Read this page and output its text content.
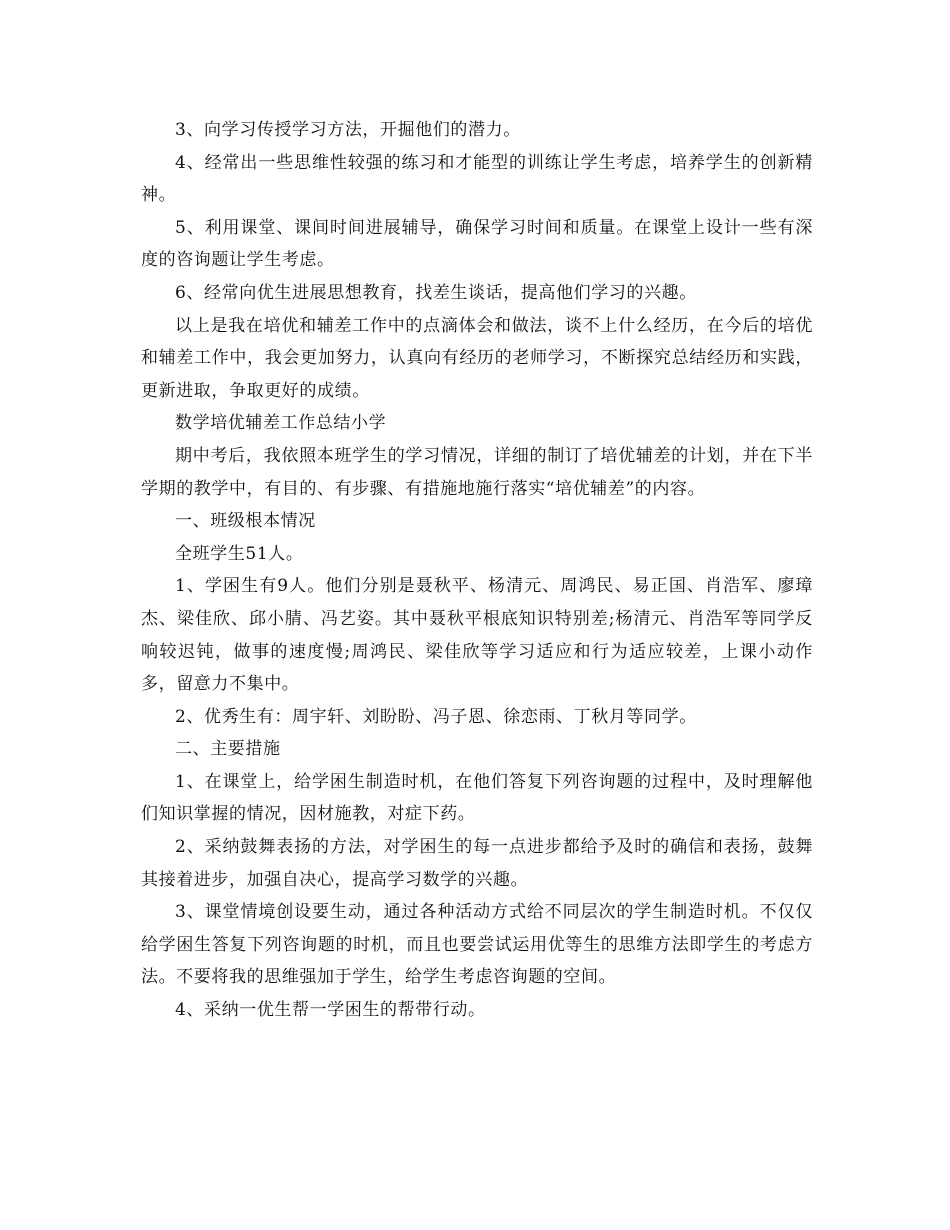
3、向学习传授学习方法，开掘他们的潜力。

4、经常出一些思维性较强的练习和才能型的训练让学生考虑，培养学生的创新精神。

5、利用课堂、课间时间进展辅导，确保学习时间和质量。在课堂上设计一些有深度的咨询题让学生考虑。

6、经常向优生进展思想教育，找差生谈话，提高他们学习的兴趣。

以上是我在培优和辅差工作中的点滴体会和做法，谈不上什么经历，在今后的培优和辅差工作中，我会更加努力，认真向有经历的老师学习，不断探究总结经历和实践，更新进取，争取更好的成绩。

数学培优辅差工作总结小学

期中考后，我依照本班学生的学习情况，详细的制订了培优辅差的计划，并在下半学期的教学中，有目的、有步骤、有措施地施行落实“培优辅差”的内容。

一、班级根本情况

全班学生51人。

1、学困生有9人。他们分别是聂秋平、杨清元、周鸿民、易正国、肖浩军、廖璋杰、梁佳欣、邱小腈、冯艺姿。其中聂秋平根底知识特别差;杨清元、肖浩军等同学反响较迟钝，做事的速度慢;周鸿民、梁佳欣等学习适应和行为适应较差，上课小动作多，留意力不集中。

2、优秀生有：周宇轩、刘盼盼、冯子恩、徐恋雨、丁秋月等同学。

二、主要措施

1、在课堂上，给学困生制造时机，在他们答复下列咨询题的过程中，及时理解他们知识掌握的情况，因材施教，对症下药。

2、采纳鼓舞表扬的方法，对学困生的每一点进步都给予及时的确信和表扬，鼓舞其接着进步，加强自决心，提高学习数学的兴趣。

3、课堂情境创设要生动，通过各种活动方式给不同层次的学生制造时机。不仅仅给学困生答复下列咨询题的时机，而且也要尝试运用优等生的思维方法即学生的考虑方法。不要将我的思维强加于学生，给学生考虑咨询题的空间。

4、采纳一优生帮一学困生的帮带行动。
